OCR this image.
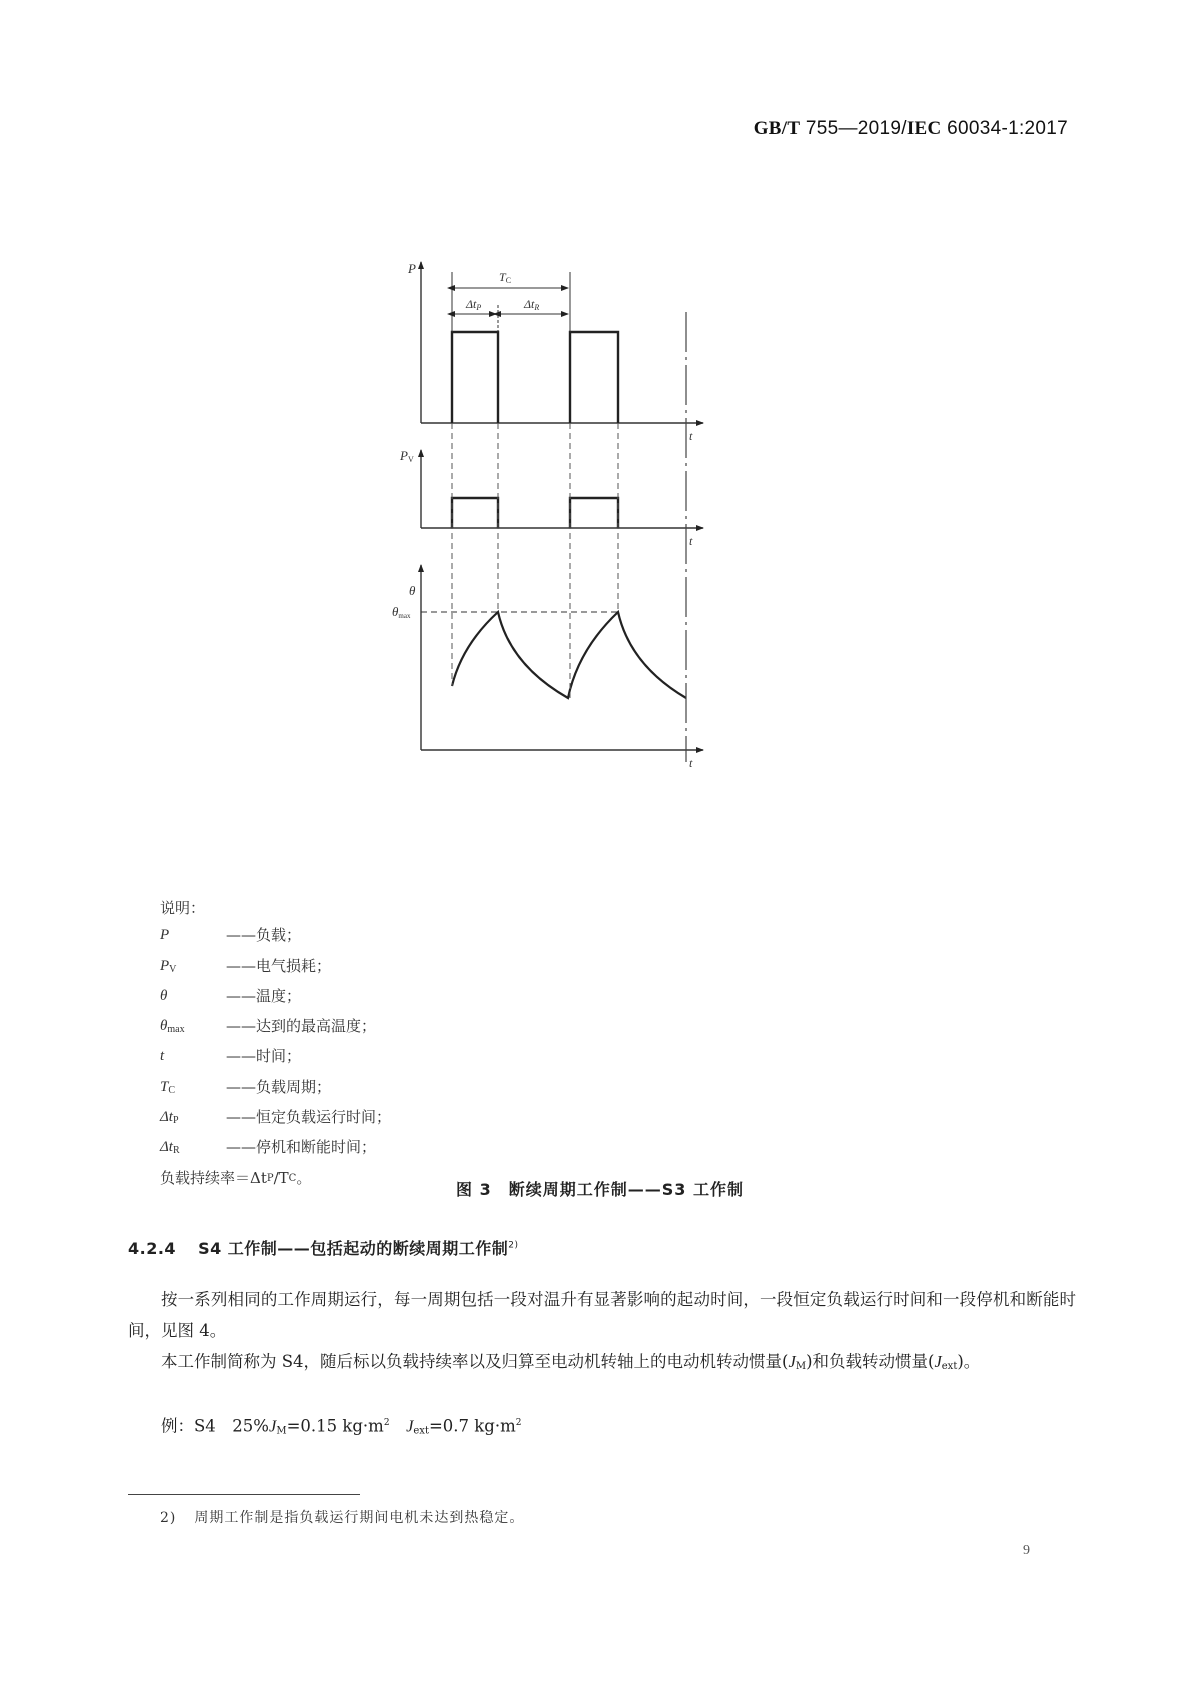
GB/T 755—2019/IEC 60034-1:2017
P
TC
ΔtP	ΔtR
t
PV
t
θ
θmax
t
说明：
P	——负载；
$P_V$	——电气损耗；
θ	——温度；
$\theta_{max}$	——达到的最高温度；
t	——时间；
$T_C$	——负载周期；
$\Delta t_P$	——恒定负载运行时间；
$\Delta t_R$	——停机和断能时间；
负载持续率＝Δt P /T C 。
图 3　断续周期工作制——S3 工作制
4.2.4 S4 工作制——包括起动的断续周期工作制$^{2)}$
按一系列相同的工作周期运行，每一周期包括一段对温升有显著影响的起动时间，一段恒定负载运行时间和一段停机和断能时间，见图 4。
本工作制简称为 S4，随后标以负载持续率以及归算至电动机转轴上的电动机转动惯量$(J_M)$和负载转动惯量$(J_{ext})$。
例：S4　$25\%J_M=0.15$ $kg\cdot m^2$　 $J_{ext}=0.7$ $kg\cdot m^2$
2) 周期工作制是指负载运行期间电机未达到热稳定。
9
